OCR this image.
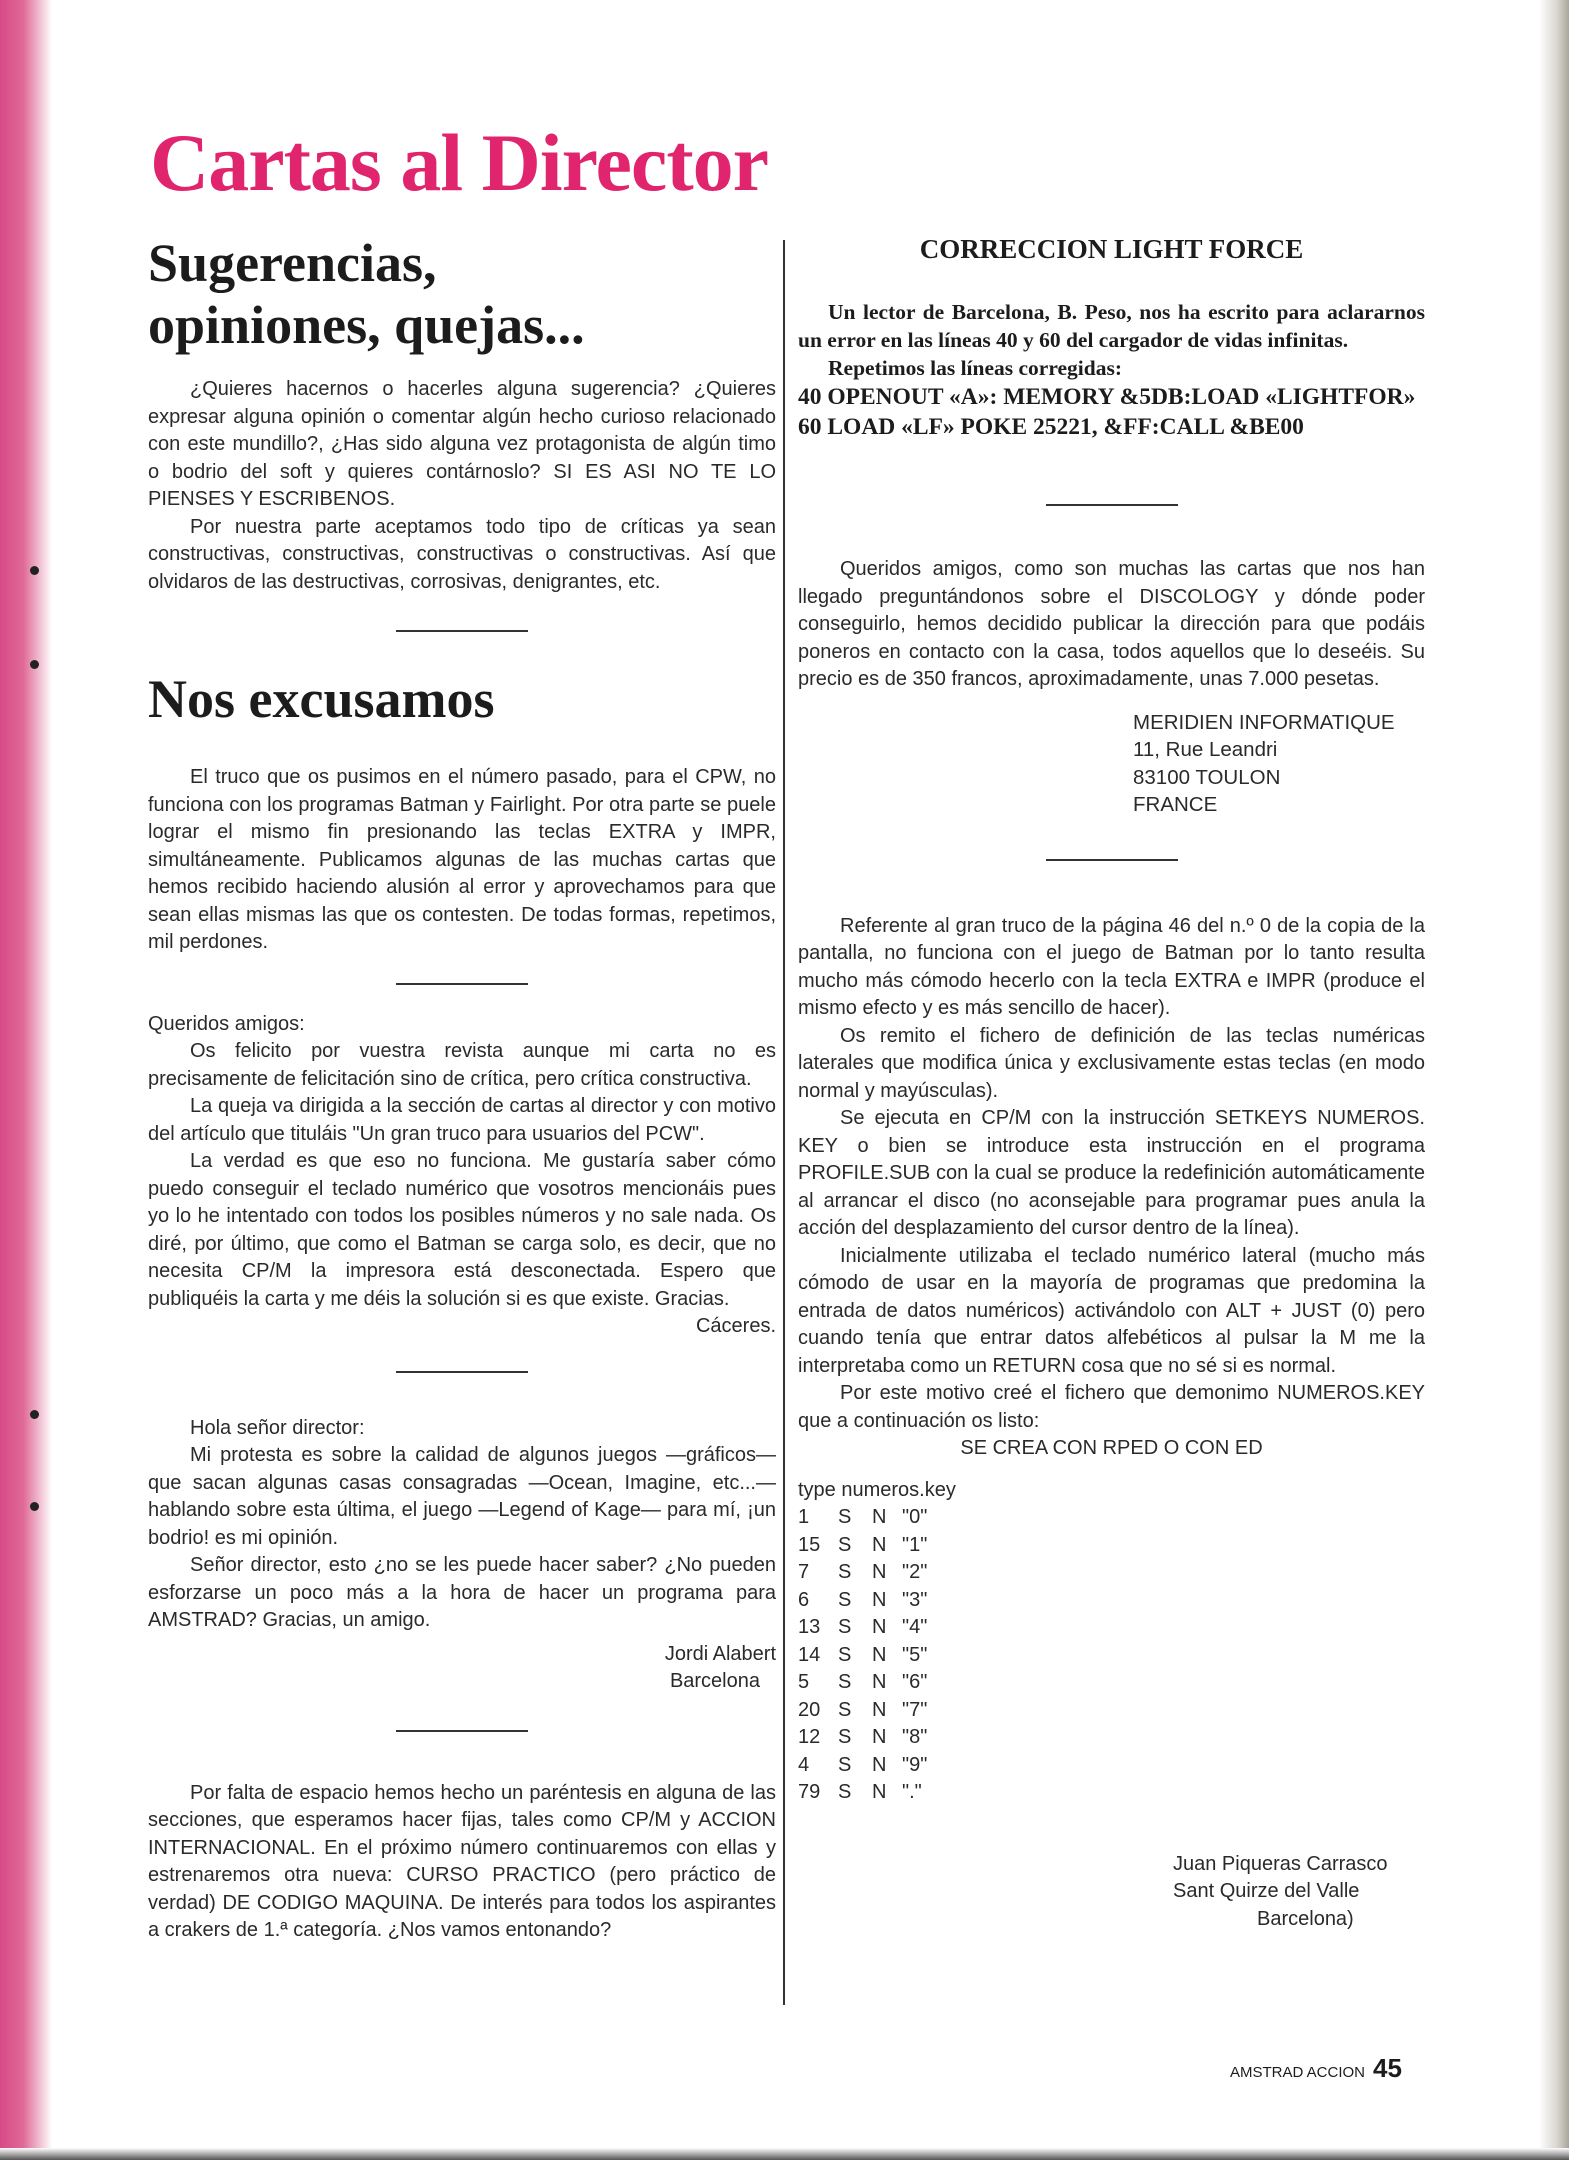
Cartas al Director
Sugerencias,
opiniones, quejas...

¿Quieres hacernos o hacerles alguna sugerencia? ¿Quieres expresar alguna opinión o comentar algún hecho curioso relacionado con este mundillo?, ¿Has sido alguna vez protagonista de algún timo o bodrio del soft y quieres contárnoslo? SI ES ASI NO TE LO PIENSES Y ESCRIBENOS.

Por nuestra parte aceptamos todo tipo de críticas ya sean constructivas, constructivas, constructivas o constructivas. Así que olvidaros de las destructivas, corrosivas, denigrantes, etc.

Nos excusamos

El truco que os pusimos en el número pasado, para el CPW, no funciona con los programas Batman y Fairlight. Por otra parte se puele lograr el mismo fin presionando las teclas EXTRA y IMPR, simultáneamente. Publicamos algunas de las muchas cartas que hemos recibido haciendo alusión al error y aprovechamos para que sean ellas mismas las que os contesten. De todas formas, repetimos, mil perdones.

Queridos amigos:

Os felicito por vuestra revista aunque mi carta no es precisamente de felicitación sino de crítica, pero crítica constructiva.

La queja va dirigida a la sección de cartas al director y con motivo del artículo que tituláis "Un gran truco para usuarios del PCW".

La verdad es que eso no funciona. Me gustaría saber cómo puedo conseguir el teclado numérico que vosotros mencionáis pues yo lo he intentado con todos los posibles números y no sale nada. Os diré, por último, que como el Batman se carga solo, es decir, que no necesita CP/M la impresora está desconectada. Espero que publiquéis la carta y me déis la solución si es que existe. Gracias.

Cáceres.

Hola señor director:

Mi protesta es sobre la calidad de algunos juegos —gráficos— que sacan algunas casas consagradas —Ocean, Imagine, etc...— hablando sobre esta última, el juego —Legend of Kage— para mí, ¡un bodrio! es mi opinión.

Señor director, esto ¿no se les puede hacer saber? ¿No pueden esforzarse un poco más a la hora de hacer un programa para AMSTRAD? Gracias, un amigo.

Jordi Alabert
Barcelona

Por falta de espacio hemos hecho un paréntesis en alguna de las secciones, que esperamos hacer fijas, tales como CP/M y ACCION INTERNACIONAL. En el próximo número continuaremos con ellas y estrenaremos otra nueva: CURSO PRACTICO (pero práctico de verdad) DE CODIGO MAQUINA. De interés para todos los aspirantes a crakers de 1.ª categoría. ¿Nos vamos entonando?

CORRECCION LIGHT FORCE

Un lector de Barcelona, B. Peso, nos ha escrito para aclararnos un error en las líneas 40 y 60 del cargador de vidas infinitas.

Repetimos las líneas corregidas:

40 OPENOUT «A»: MEMORY &5DB:LOAD «LIGHTFOR»

60 LOAD «LF» POKE 25221, &FF:CALL &BE00

Queridos amigos, como son muchas las cartas que nos han llegado preguntándonos sobre el DISCOLOGY y dónde poder conseguirlo, hemos decidido publicar la dirección para que podáis poneros en contacto con la casa, todos aquellos que lo deseéis. Su precio es de 350 francos, aproximadamente, unas 7.000 pesetas.

MERIDIEN INFORMATIQUE
11, Rue Leandri
83100 TOULON
FRANCE

Referente al gran truco de la página 46 del n.º 0 de la copia de la pantalla, no funciona con el juego de Batman por lo tanto resulta mucho más cómodo hecerlo con la tecla EXTRA e IMPR (produce el mismo efecto y es más sencillo de hacer).

Os remito el fichero de definición de las teclas numéricas laterales que modifica única y exclusivamente estas teclas (en modo normal y mayúsculas).

Se ejecuta en CP/M con la instrucción SETKEYS NUMEROS. KEY o bien se introduce esta instrucción en el programa PROFILE.SUB con la cual se produce la redefinición automáticamente al arrancar el disco (no aconsejable para programar pues anula la acción del desplazamiento del cursor dentro de la línea).

Inicialmente utilizaba el teclado numérico lateral (mucho más cómodo de usar en la mayoría de programas que predomina la entrada de datos numéricos) activándolo con ALT + JUST (0) pero cuando tenía que entrar datos alfebéticos al pulsar la M me la interpretaba como un RETURN cosa que no sé si es normal.

Por este motivo creé el fichero que demonimo NUMEROS.KEY que a continuación os listo:

SE CREA CON RPED O CON ED
type numeros.key
1	S	N	"0"
15	S	N	"1"
7	S	N	"2"
6	S	N	"3"
13	S	N	"4"
14	S	N	"5"
5	S	N	"6"
20	S	N	"7"
12	S	N	"8"
4	S	N	"9"
79	S	N	"."
Juan Piqueras Carrasco
Sant Quirze del Valle
Barcelona)
AMSTRAD ACCION 45
